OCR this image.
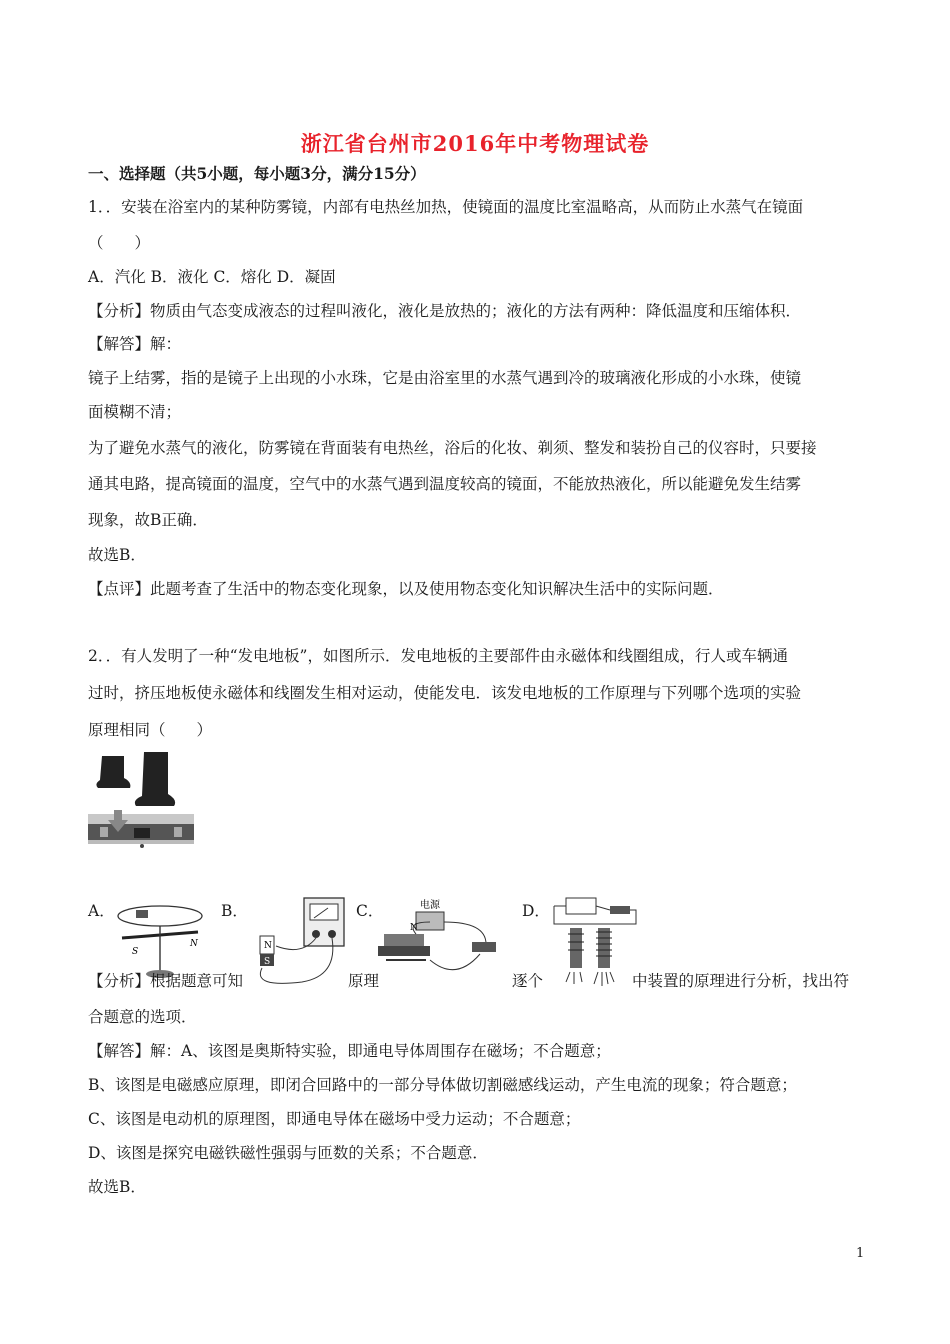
浙江省台州市2016年中考物理试卷
一、选择题（共5小题，每小题3分，满分15分）
1．．安装在浴室内的某种防雾镜，内部有电热丝加热，使镜面的温度比室温略高，从而防止水蒸气在镜面
（　　）
A．汽化 B．液化 C．熔化 D．凝固
【分析】物质由气态变成液态的过程叫液化，液化是放热的；液化的方法有两种：降低温度和压缩体积．
【解答】解：
镜子上结雾，指的是镜子上出现的小水珠，它是由浴室里的水蒸气遇到冷的玻璃液化形成的小水珠，使镜
面模糊不清；
为了避免水蒸气的液化，防雾镜在背面装有电热丝，浴后的化妆、剃须、整发和装扮自己的仪容时，只要接
通其电路，提高镜面的温度，空气中的水蒸气遇到温度较高的镜面，不能放热液化，所以能避免发生结雾
现象，故B正确．
故选B．
【点评】此题考查了生活中的物态变化现象，以及使用物态变化知识解决生活中的实际问题．
2．．有人发明了一种“发电地板”，如图所示．发电地板的主要部件由永磁体和线圈组成，行人或车辆通
过时，挤压地板使永磁体和线圈发生相对运动，使能发电．该发电地板的工作原理与下列哪个选项的实验
原理相同（　　）
A．	B．	C．	D．
S
N	N
S
电源
N
【分析】根据题意可知	原理	逐个	中装置的原理进行分析，找出符
合题意的选项．
【解答】解：A、该图是奥斯特实验，即通电导体周围存在磁场；不合题意；
B、该图是电磁感应原理，即闭合回路中的一部分导体做切割磁感线运动，产生电流的现象；符合题意；
C、该图是电动机的原理图，即通电导体在磁场中受力运动；不合题意；
D、该图是探究电磁铁磁性强弱与匝数的关系；不合题意．
故选B．
1
